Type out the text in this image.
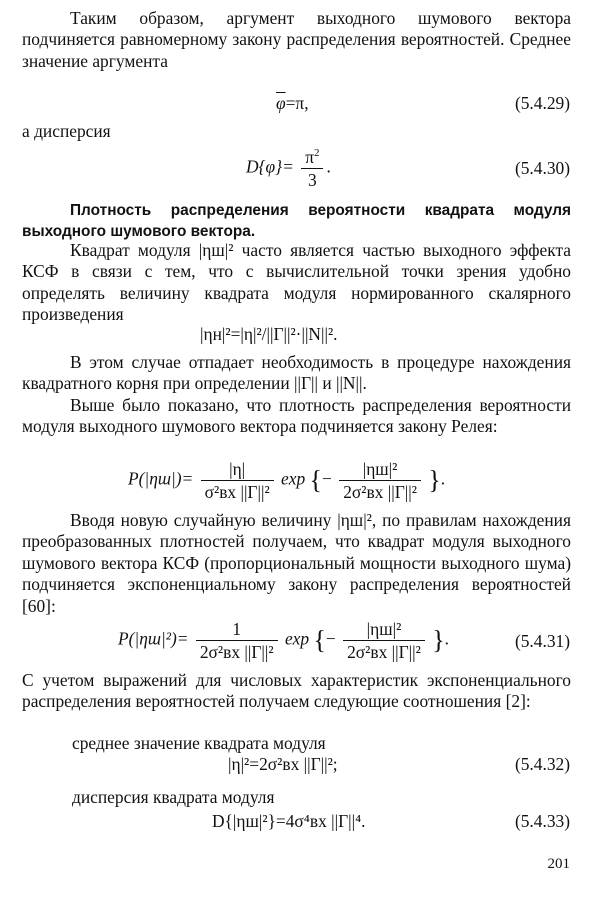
Таким образом, аргумент выходного шумового вектора подчиняется равномерному закону распределения вероятностей. Среднее значение аргумента
$\overline{\varphi}=\pi$,	(5.4.29)
а дисперсия
$D\{\varphi\}= \frac{\pi^2}{3}$ .	(5.4.30)
Плотность распределения вероятности квадрата модуля выходного шумового вектора.
Квадрат модуля |ηш|² часто является частью выходного эффекта КСФ в связи с тем, что с вычислительной точки зрения удобно определять величину квадрата модуля нормированного скалярного произведения
|ηн|²=|η|²/||Г||²·||N||².
В этом случае отпадает необходимость в процедуре нахождения квадратного корня при определении ||Г|| и ||N||.
Выше было показано, что плотность распределения вероятности модуля выходного шумового вектора подчиняется закону Релея:
$P(|\eta ш|)= \frac{|\eta|}{\text{σ²вх ||Г||²}}$ exp {− $\frac{\text{|ηш|²}}{\text{2σ²вх ||Г||²}}$ }.
Вводя новую случайную величину |ηш|², по правилам нахождения преобразованных плотностей получаем, что квадрат модуля выходного шумового вектора КСФ (пропорциональный мощности выходного шума) подчиняется экспоненциальному закону распределения вероятностей [60]:
$P(|\eta ш|^2)= \frac{1}{\text{2σ²вх ||Г||²}}$ exp {− $\frac{\text{|ηш|²}}{\text{2σ²вх ||Г||²}}$ }.	(5.4.31)
С учетом выражений для числовых характеристик экспоненциального распределения вероятностей получаем следующие соотношения [2]:
среднее значение квадрата модуля
|η|²=2σ²вх ||Г||²;	(5.4.32)
дисперсия квадрата модуля
D{|ηш|²}=4σ⁴вх ||Г||⁴.	(5.4.33)
201
